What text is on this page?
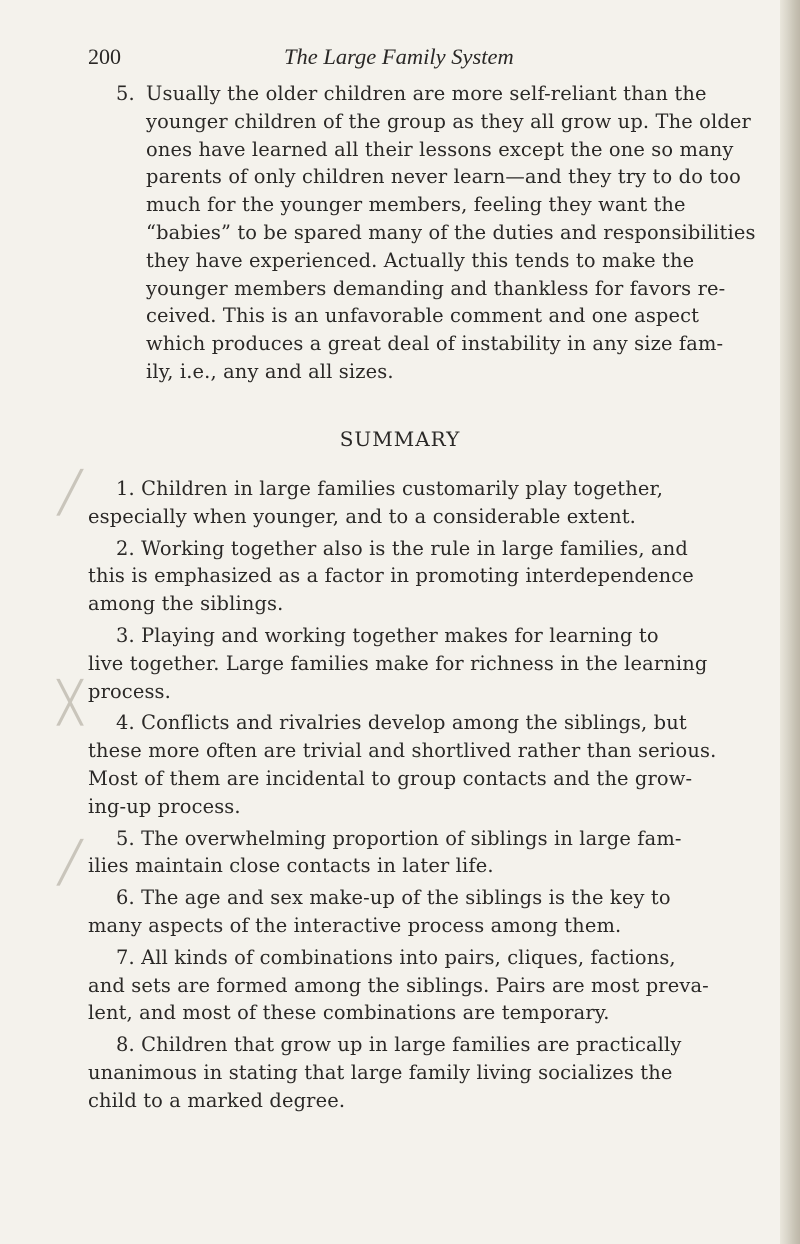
╱
╳
╱
200	The Large Family System
5. Usually the older children are more self-reliant than the
younger children of the group as they all grow up. The older
ones have learned all their lessons except the one so many
parents of only children never learn—and they try to do too
much for the younger members, feeling they want the
“babies” to be spared many of the duties and responsibilities
they have experienced. Actually this tends to make the
younger members demanding and thankless for favors re-
ceived. This is an unfavorable comment and one aspect
which produces a great deal of instability in any size fam-
ily, i.e., any and all sizes.
SUMMARY
1. Children in large families customarily play together,
especially when younger, and to a considerable extent.
2. Working together also is the rule in large families, and
this is emphasized as a factor in promoting interdependence
among the siblings.
3. Playing and working together makes for learning to
live together. Large families make for richness in the learning
process.
4. Conflicts and rivalries develop among the siblings, but
these more often are trivial and shortlived rather than serious.
Most of them are incidental to group contacts and the grow-
ing-up process.
5. The overwhelming proportion of siblings in large fam-
ilies maintain close contacts in later life.
6. The age and sex make-up of the siblings is the key to
many aspects of the interactive process among them.
7. All kinds of combinations into pairs, cliques, factions,
and sets are formed among the siblings. Pairs are most preva-
lent, and most of these combinations are temporary.
8. Children that grow up in large families are practically
unanimous in stating that large family living socializes the
child to a marked degree.
